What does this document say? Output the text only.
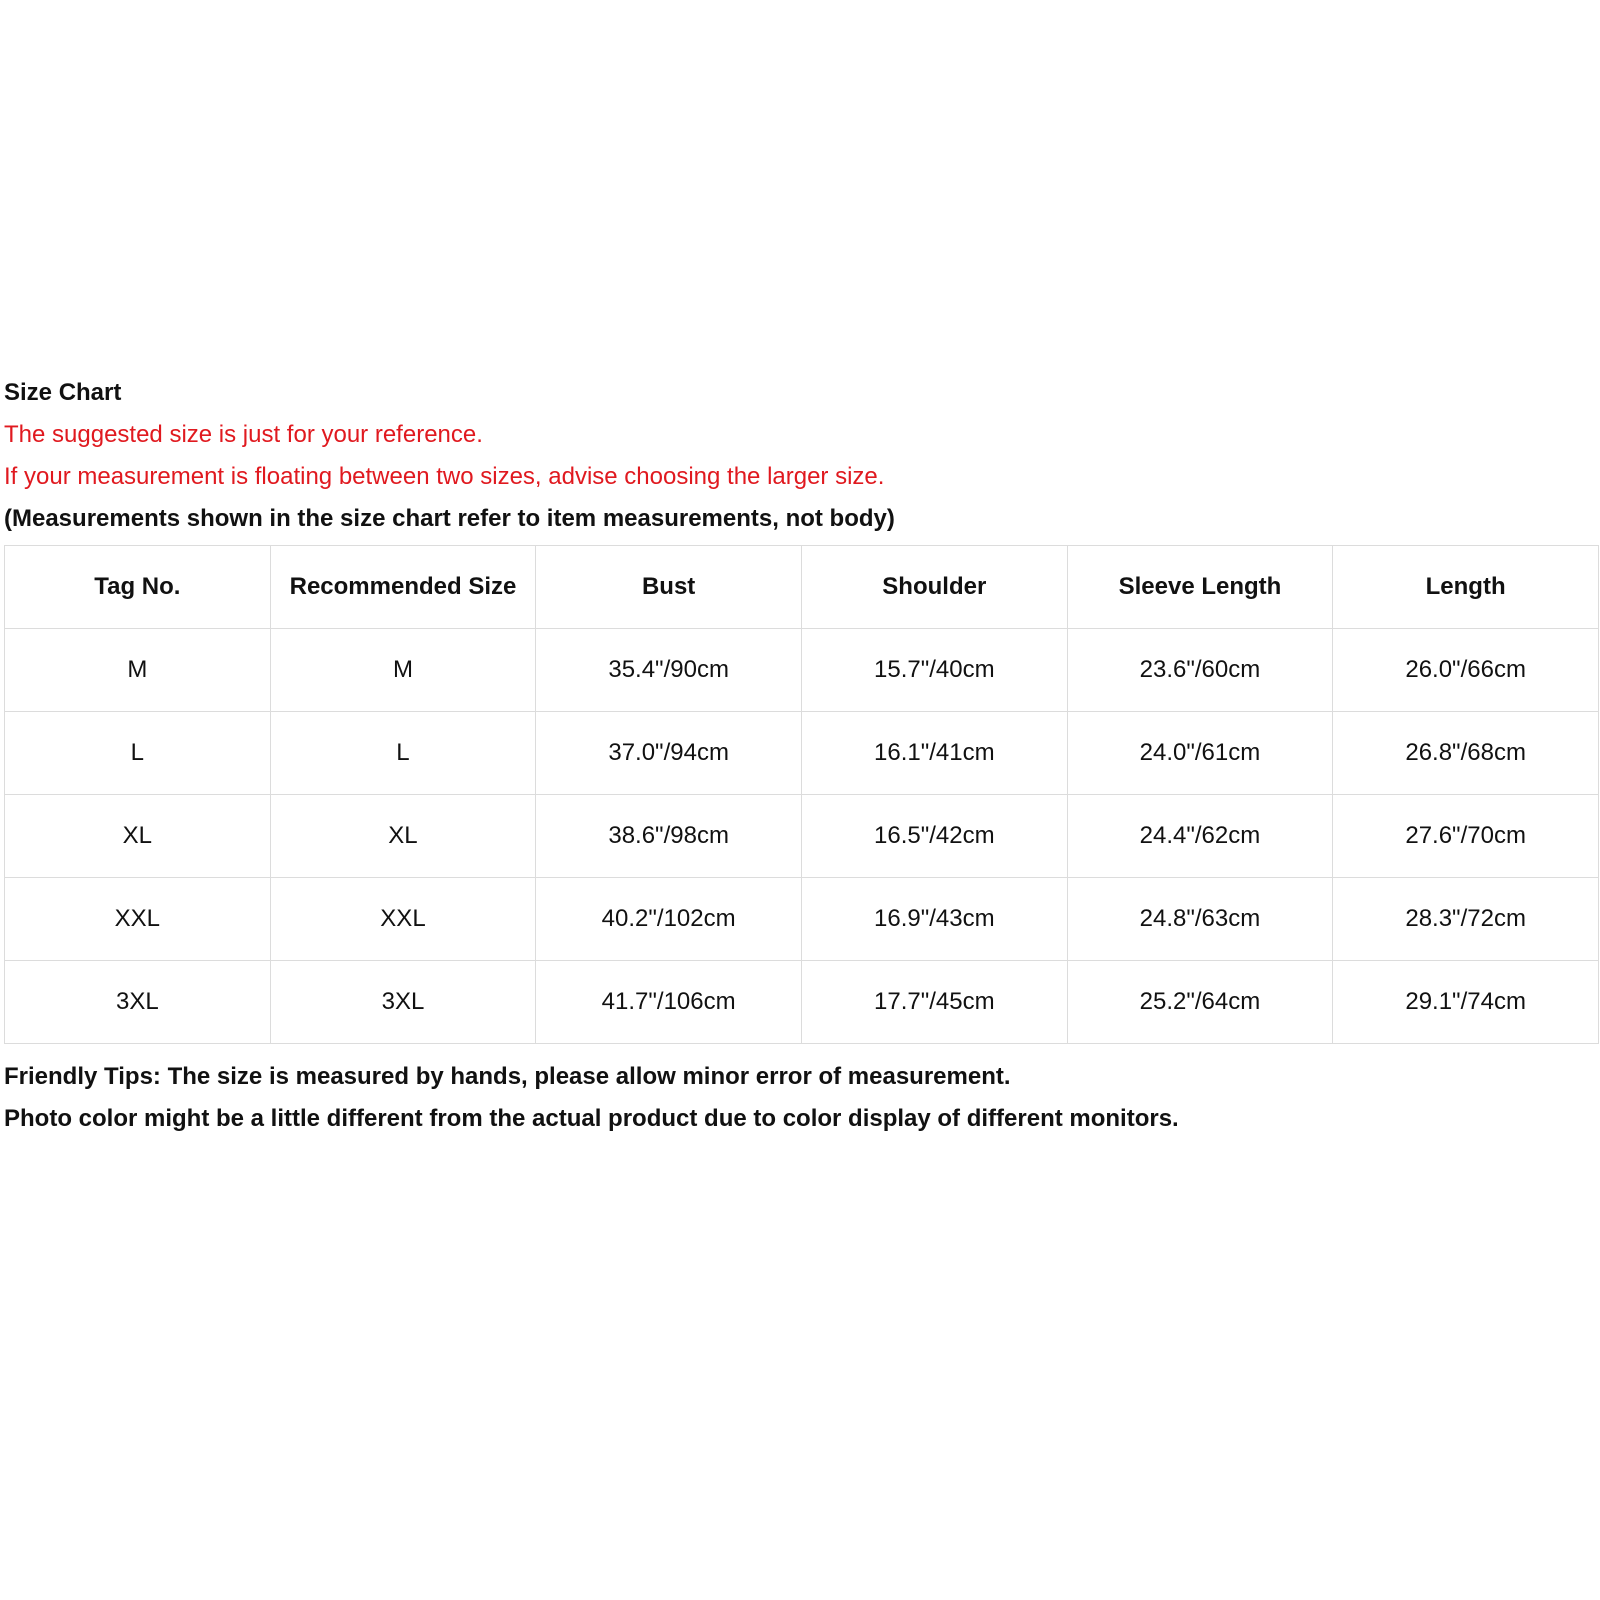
Size Chart
The suggested size is just for your reference.
If your measurement is floating between two sizes, advise choosing the larger size.
(Measurements shown in the size chart refer to item measurements, not body)
Tag No.	Recommended Size	Bust	Shoulder	Sleeve Length	Length
M	M	35.4"/90cm	15.7"/40cm	23.6"/60cm	26.0"/66cm
L	L	37.0"/94cm	16.1"/41cm	24.0"/61cm	26.8"/68cm
XL	XL	38.6"/98cm	16.5"/42cm	24.4"/62cm	27.6"/70cm
XXL	XXL	40.2"/102cm	16.9"/43cm	24.8"/63cm	28.3"/72cm
3XL	3XL	41.7"/106cm	17.7"/45cm	25.2"/64cm	29.1"/74cm
Friendly Tips: The size is measured by hands, please allow minor error of measurement.
Photo color might be a little different from the actual product due to color display of different monitors.
